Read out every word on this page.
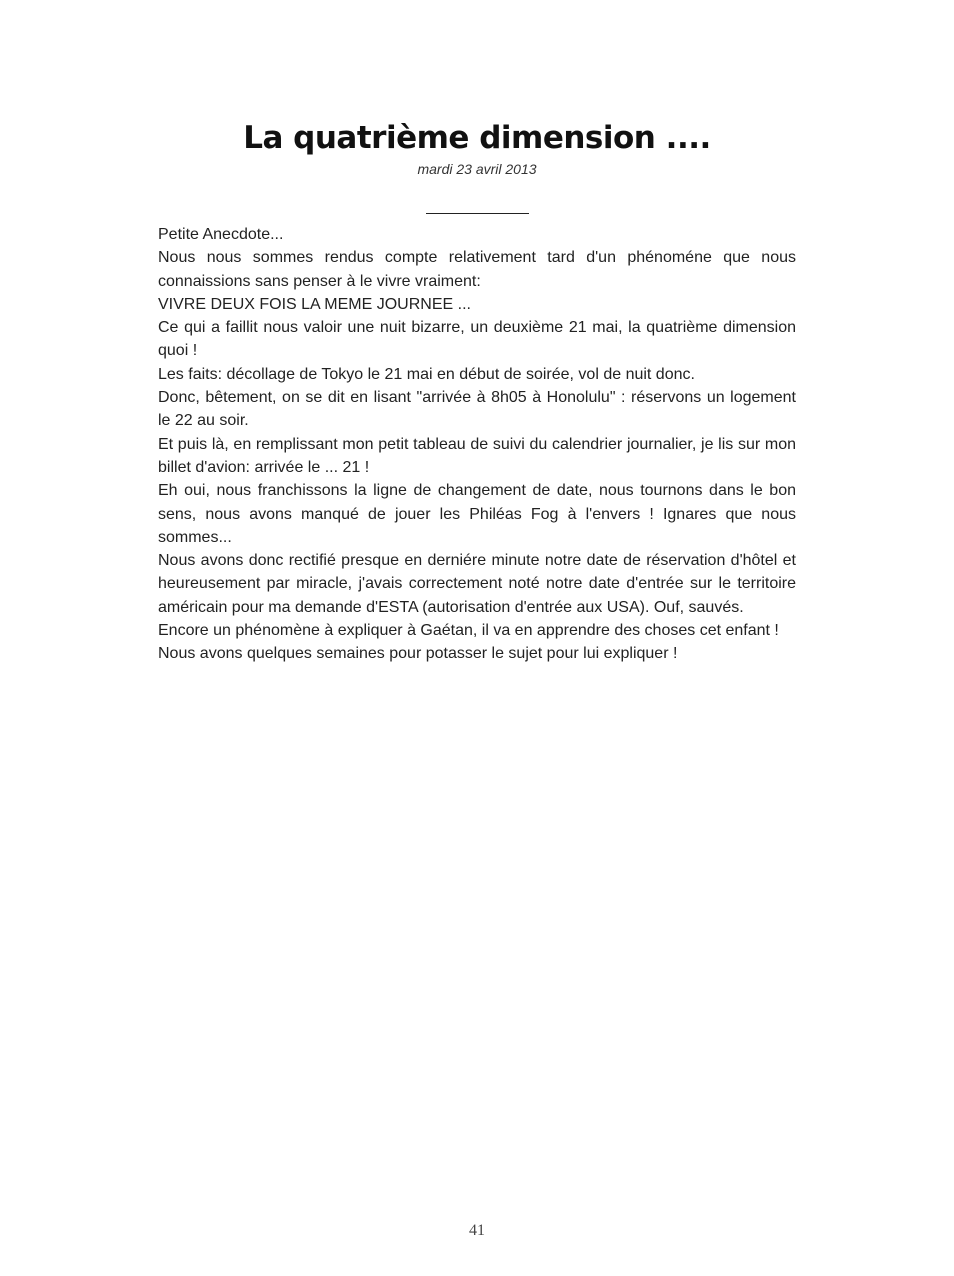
La quatrième dimension ....
mardi 23 avril 2013

Petite Anecdote...

Nous nous sommes rendus compte relativement tard d'un phénoméne que nous connaissions sans penser à le vivre vraiment:

VIVRE DEUX FOIS LA MEME JOURNEE ...

Ce qui a faillit nous valoir une nuit bizarre, un deuxième 21 mai, la quatrième dimension quoi !

Les faits: décollage de Tokyo le 21 mai en début de soirée, vol de nuit donc.

Donc, bêtement, on se dit en lisant "arrivée à 8h05 à Honolulu" : réservons un logement le 22 au soir.

Et puis là, en remplissant mon petit tableau de suivi du calendrier journalier, je lis sur mon billet d'avion: arrivée le ... 21 !

Eh oui, nous franchissons la ligne de changement de date, nous tournons dans le bon sens, nous avons manqué de jouer les Philéas Fog à l'envers ! Ignares que nous sommes...

Nous avons donc rectifié presque en derniére minute notre date de réservation d'hôtel et heureusement par miracle, j'avais correctement noté notre date d'entrée sur le territoire américain pour ma demande d'ESTA (autorisation d'entrée aux USA). Ouf, sauvés.

Encore un phénomène à expliquer à Gaétan, il va en apprendre des choses cet enfant !

Nous avons quelques semaines pour potasser le sujet pour lui expliquer !

41
